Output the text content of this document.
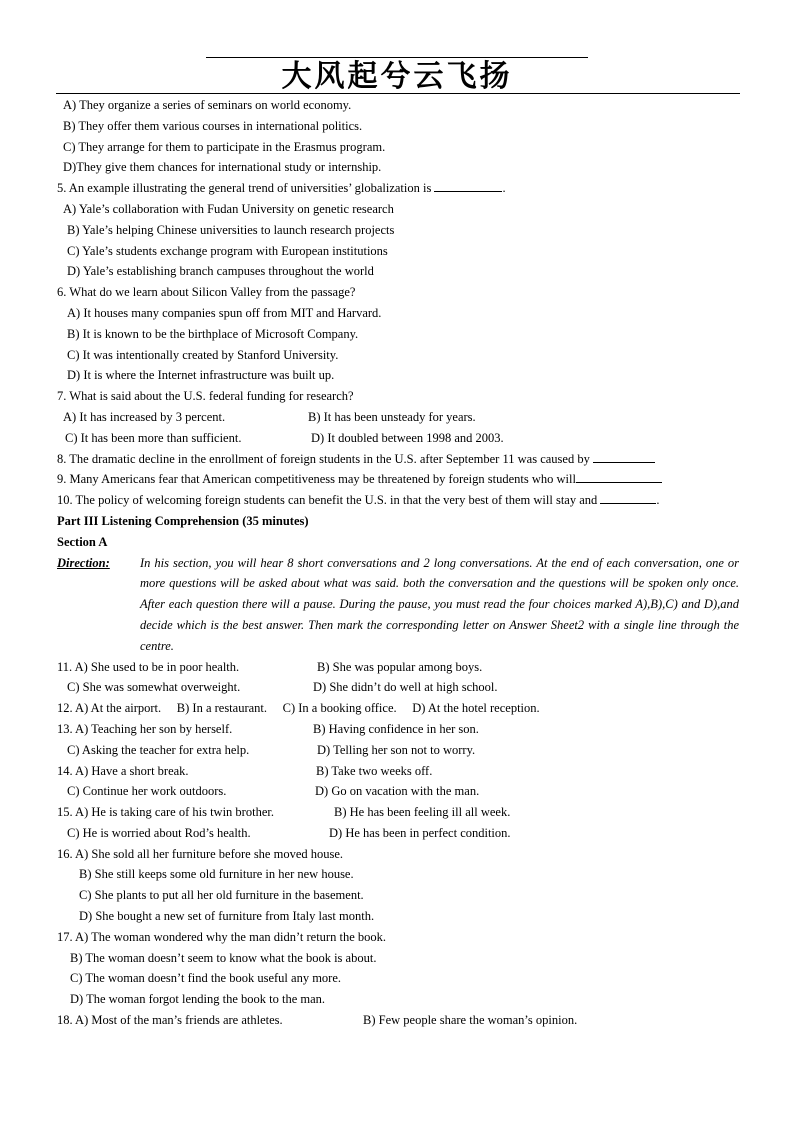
大风起兮云飞扬
A) They organize a series of seminars on world economy.
B) They offer them various courses in international politics.
C) They arrange for them to participate in the Erasmus program.
D)They give them chances for international study or internship.
5. An example illustrating the general trend of universities’ globalization is	.
A) Yale’s collaboration with Fudan University on genetic research
B) Yale’s helping Chinese universities to launch research projects
C) Yale’s students exchange program with European institutions
D) Yale’s establishing branch campuses throughout the world
6. What do we learn about Silicon Valley from the passage?
A) It houses many companies spun off from MIT and Harvard.
B) It is known to be the birthplace of Microsoft Company.
C) It was intentionally created by Stanford University.
D) It is where the Internet infrastructure was built up.
7. What is said about the U.S. federal funding for research?
A) It has increased by 3 percent.	B) It has been unsteady for years.
C) It has been more than sufficient.	D) It doubled between 1998 and 2003.
8. The dramatic decline in the enrollment of foreign students in the U.S. after September 11 was caused by
9. Many Americans fear that American competitiveness may be threatened by foreign students who will
10. The policy of welcoming foreign students can benefit the U.S. in that the very best of them will stay and	.
Part III Listening Comprehension (35 minutes)
Section A
Direction:	In his section, you will hear 8 short conversations and 2 long conversations. At the end of each conversation, one or more questions will be asked about what was said. both the conversation and the questions will be spoken only once. After each question there will a pause. During the pause, you must read the four choices marked A),B),C) and D),and decide which is the best answer. Then mark the corresponding letter on Answer Sheet2 with a single line through the centre.
11. A) She used to be in poor health.	B) She was popular among boys.
C) She was somewhat overweight.	D) She didn’t do well at high school.
12. A) At the airport.     B) In a restaurant.     C) In a booking office.     D) At the hotel reception.
13. A) Teaching her son by herself.	B) Having confidence in her son.
C) Asking the teacher for extra help.	D) Telling her son not to worry.
14. A) Have a short break.	B) Take two weeks off.
C) Continue her work outdoors.	D) Go on vacation with the man.
15. A) He is taking care of his twin brother.	B) He has been feeling ill all week.
C) He is worried about Rod’s health.	D) He has been in perfect condition.
16. A) She sold all her furniture before she moved house.
B) She still keeps some old furniture in her new house.
C) She plants to put all her old furniture in the basement.
D) She bought a new set of furniture from Italy last month.
17. A) The woman wondered why the man didn’t return the book.
B) The woman doesn’t seem to know what the book is about.
C) The woman doesn’t find the book useful any more.
D) The woman forgot lending the book to the man.
18. A) Most of the man’s friends are athletes.	B) Few people share the woman’s opinion.
